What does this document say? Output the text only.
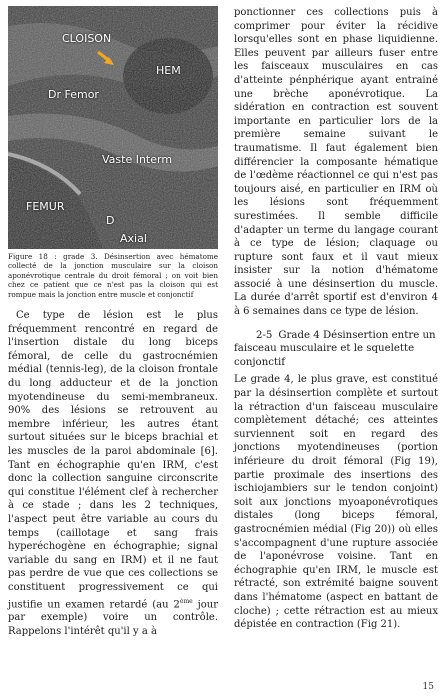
CLOISON
HEM
Dr Femor
Vaste Interm
FEMUR
D
Axial

Figure 18 : grade 3. Désinsertion avec hématome collecté de la jonction musculaire sur la cloison aponévrotique centrale du droit fémoral ; on voit bien chez ce patient que ce n'est pas la cloison qui est rompue mais la jonction entre muscle et conjonctif

Ce type de lésion est le plus fréquemment rencontré en regard de l'insertion distale du long biceps fémoral, de celle du gastrocnémien médial (tennis-leg), de la cloison frontale du long adducteur et de la jonction myotendineuse du semi-membraneux. 90% des lésions se retrouvent au membre inférieur, les autres étant surtout situées sur le biceps brachial et les muscles de la paroi abdominale [6]. Tant en échographie qu'en IRM, c'est donc la collection sanguine circonscrite qui constitue l'élément clef à rechercher à ce stade ; dans les 2 techniques, l'aspect peut être variable au cours du temps (caillotage et sang frais hyperéchogène en échographie; signal variable du sang en IRM) et il ne faut pas perdre de vue que ces collections se constituent progressivement ce qui justifie un examen retardé (au 2ème jour par exemple) voire un contrôle. Rappelons l'intérêt qu'il y a à

ponctionner ces collections puis à comprimer pour éviter la récidive lorsqu'elles sont en phase liquidienne. Elles peuvent par ailleurs fuser entre les faisceaux musculaires en cas d'atteinte pénphérique ayant entrainé une brèche aponévrotique. La sidération en contraction est souvent importante en particulier lors de la première semaine suivant le traumatisme. Il faut également bien différencier la composante hématique de l'œdème réactionnel ce qui n'est pas toujours aisé, en particulier en IRM où les lésions sont fréquemment surestimées. Il semble difficile d'adapter un terme du langage courant à ce type de lésion; claquage ou rupture sont faux et il vaut mieux insister sur la notion d'hématome associé à une désinsertion du muscle. La durée d'arrêt sportif est d'environ 4 à 6 semaines dans ce type de lésion.

2-5 Grade 4 Désinsertion entre un faisceau musculaire et le squelette conjonctif

Le grade 4, le plus grave, est constitué par la désinsertion complète et surtout la rétraction d'un faisceau musculaire complètement détaché; ces atteintes surviennent soit en regard des jonctions myotendineuses (portion inférieure du droit fémoral (Fig 19), partie proximale des insertions des ischiojambiers sur le tendon conjoint) soit aux jonctions myoaponévrotiques distales (long biceps fémoral, gastrocnémien médial (Fig 20)) où elles s'accompagnent d'une rupture associée de l'aponévrose voisine. Tant en échographie qu'en IRM, le muscle est rétracté, son extrémité baigne souvent dans l'hématome (aspect en battant de cloche) ; cette rétraction est au mieux dépistée en contraction (Fig 21).

15
